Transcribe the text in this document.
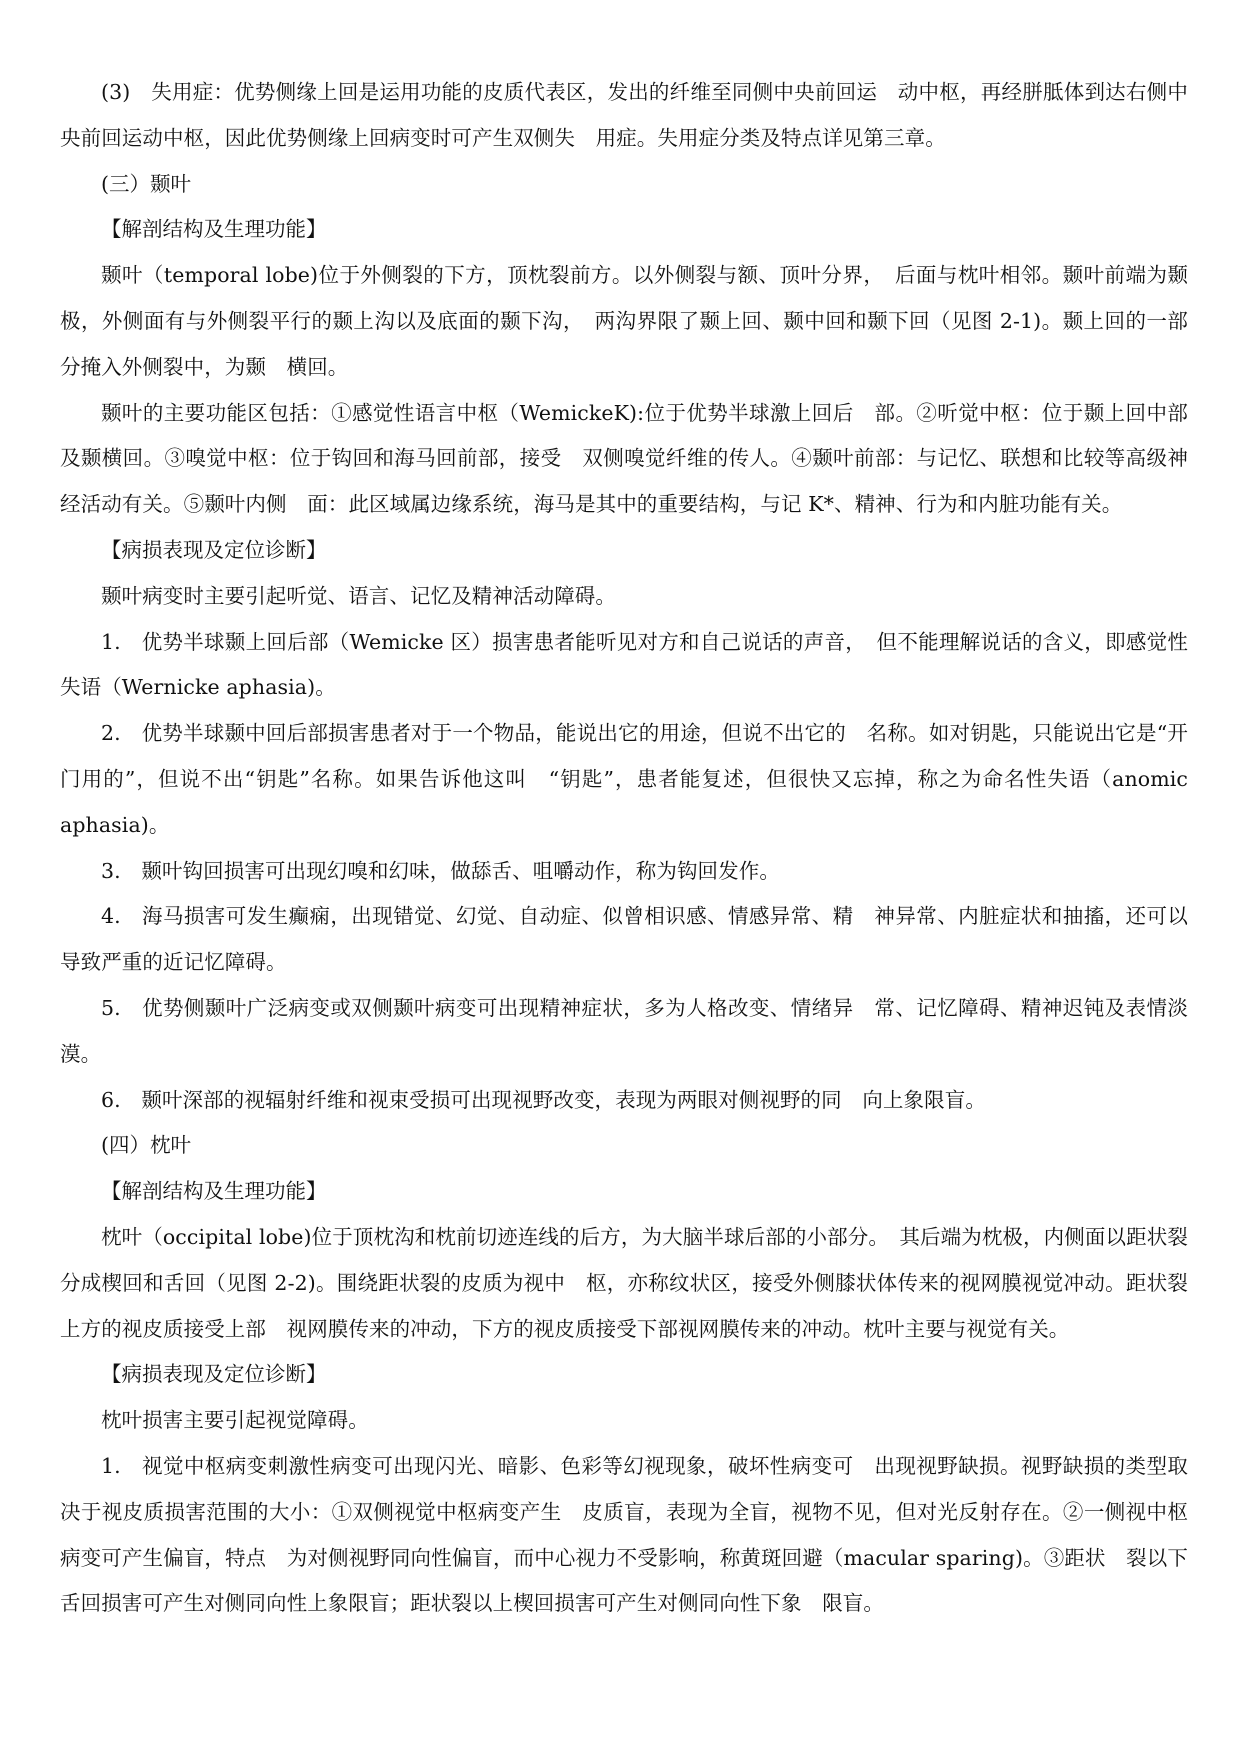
(3)　失用症：优势侧缘上回是运用功能的皮质代表区，发出的纤维至同侧中央前回运　动中枢，再经胼胝体到达右侧中央前回运动中枢，因此优势侧缘上回病变时可产生双侧失　用症。失用症分类及特点详见第三章。

(三）颞叶

【解剖结构及生理功能】

颞叶（temporal lobe)位于外侧裂的下方，顶枕裂前方。以外侧裂与额、顶叶分界，　后面与枕叶相邻。颞叶前端为颞极，外侧面有与外侧裂平行的颞上沟以及底面的颞下沟，　两沟界限了颞上回、颞中回和颞下回（见图 2-1)。颞上回的一部分掩入外侧裂中，为颞　横回。

颞叶的主要功能区包括：①感觉性语言中枢（WemickeK):位于优势半球激上回后　部。②听觉中枢：位于颞上回中部及颞横回。③嗅觉中枢：位于钩回和海马回前部，接受　双侧嗅觉纤维的传人。④颞叶前部：与记忆、联想和比较等高级神经活动有关。⑤颞叶内侧　面：此区域属边缘系统，海马是其中的重要结构，与记 K*、精神、行为和内脏功能有关。

【病损表现及定位诊断】

颞叶病变时主要引起听觉、语言、记忆及精神活动障碍。

1.　优势半球颞上回后部（Wemicke 区）损害患者能听见对方和自己说话的声音，　但不能理解说话的含义，即感觉性失语（Wernicke aphasia)。

2.　优势半球颞中回后部损害患者对于一个物品，能说出它的用途，但说不出它的　名称。如对钥匙，只能说出它是“开门用的”，但说不出“钥匙”名称。如果告诉他这叫　“钥匙”，患者能复述，但很快又忘掉，称之为命名性失语（anomic aphasia)。

3.　颞叶钩回损害可出现幻嗅和幻味，做舔舌、咀嚼动作，称为钩回发作。

4.　海马损害可发生癫痫，出现错觉、幻觉、自动症、似曾相识感、情感异常、精　神异常、内脏症状和抽搐，还可以导致严重的近记忆障碍。

5.　优势侧颞叶广泛病变或双侧颞叶病变可出现精神症状，多为人格改变、情绪异　常、记忆障碍、精神迟钝及表情淡漠。

6.　颞叶深部的视辐射纤维和视束受损可出现视野改变，表现为两眼对侧视野的同　向上象限盲。

(四）枕叶

【解剖结构及生理功能】

枕叶（occipital lobe)位于顶枕沟和枕前切迹连线的后方，为大脑半球后部的小部分。　其后端为枕极，内侧面以距状裂分成楔回和舌回（见图 2-2)。围绕距状裂的皮质为视中　枢，亦称纹状区，接受外侧膝状体传来的视网膜视觉冲动。距状裂上方的视皮质接受上部　视网膜传来的冲动，下方的视皮质接受下部视网膜传来的冲动。枕叶主要与视觉有关。

【病损表现及定位诊断】

枕叶损害主要引起视觉障碍。

1.　视觉中枢病变刺激性病变可出现闪光、暗影、色彩等幻视现象，破坏性病变可　出现视野缺损。视野缺损的类型取决于视皮质损害范围的大小：①双侧视觉中枢病变产生　皮质盲，表现为全盲，视物不见，但对光反射存在。②一侧视中枢病变可产生偏盲，特点　为对侧视野同向性偏盲，而中心视力不受影响，称黄斑回避（macular sparing)。③距状　裂以下舌回损害可产生对侧同向性上象限盲；距状裂以上楔回损害可产生对侧同向性下象　限盲。
